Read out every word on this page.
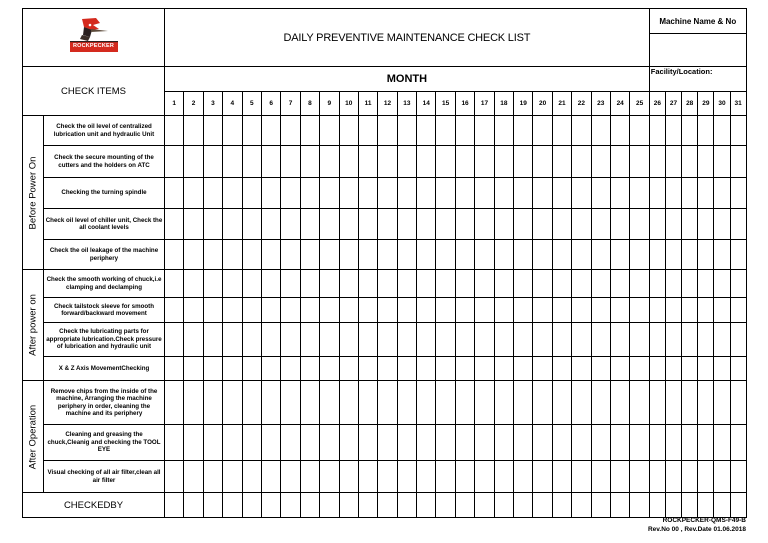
ROCKPECKER		DAILY PREVENTIVE MAINTENANCE CHECK LIST																									Machine Name & No					

CHECK ITEMS		MONTH																									Facility/Location:					
		1	2	3	4	5	6	7	8	9	10	11	12	13	14	15	16	17	18	19	20	21	22	23	24	25	26	27	28	29	30	31

Before Power On	Check the oil level of centralized lubrication unit and hydraulic Unit																															
	Check the secure mounting of the cutters and the holders on ATC																															
	Checking the turning spindle																															
	Check oil level of chiller unit, Check the all coolant levels																															
	Check the oil leakage of the machine periphery																															

After power on	Check the smooth working of chuck,i.e clamping and declamping																															
	Check tailstock sleeve for smooth forward/backward movement																															
	Check the lubricating parts for appropriate lubrication.Check pressure of lubrication and hydraulic unit																															
	X & Z Axis MovementChecking																															

After Operation	Remove chips from the inside of the machine, Arranging the machine periphery in order, cleaning the machine and its periphery																															
	Cleaning and greasing the chuck,Cleanig and checking the TOOL EYE																															
	Visual checking of all air filter,clean all air filter																															
CHECKEDBY																																
ROCKPECKER-QMS-F49-B
Rev.No 00 , Rev.Date 01.06.2018
